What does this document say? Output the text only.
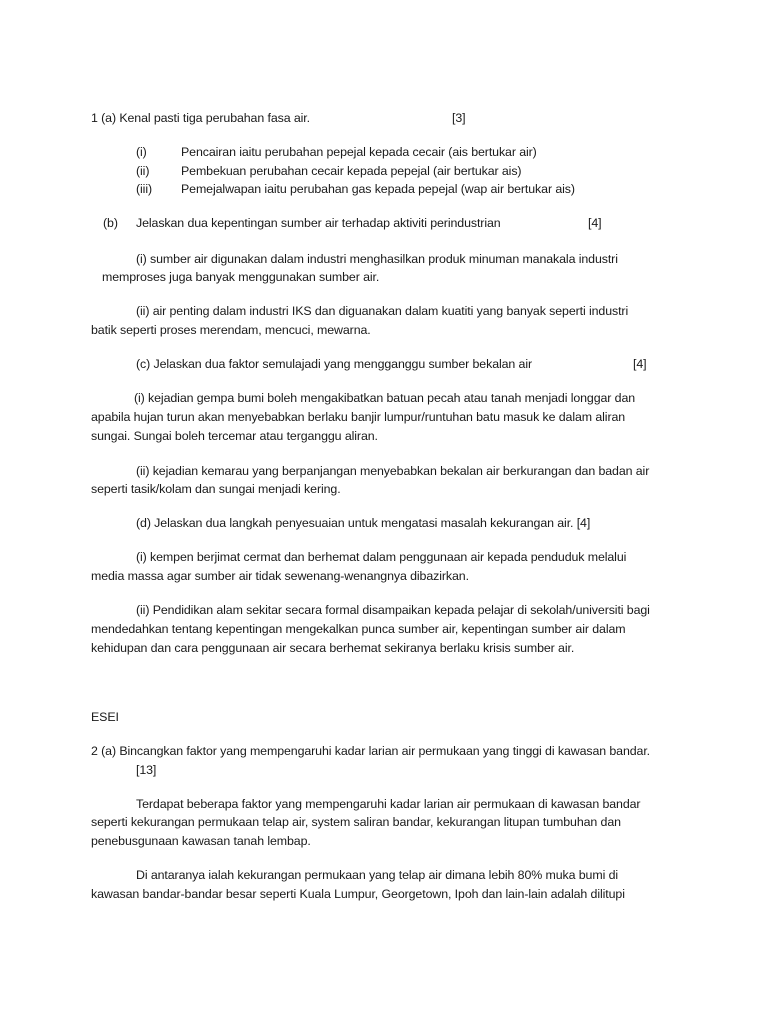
1 (a) Kenal pasti tiga perubahan fasa air.	[3]
(i)	Pencairan iaitu perubahan pepejal kepada cecair (ais bertukar air)
(ii)	Pembekuan perubahan cecair kepada pepejal (air bertukar ais)
(iii) Pemejalwapan iaitu perubahan gas kepada pepejal (wap air bertukar ais)
(b) Jelaskan dua kepentingan sumber air terhadap aktiviti perindustrian	[4]
(i) sumber air digunakan dalam industri menghasilkan produk minuman manakala industri
memproses juga banyak menggunakan sumber air.
(ii) air penting dalam industri IKS dan diguanakan dalam kuatiti yang banyak seperti industri
batik seperti proses merendam, mencuci, mewarna.
(c) Jelaskan dua faktor semulajadi yang mengganggu sumber bekalan air	[4]
(i) kejadian gempa bumi boleh mengakibatkan batuan pecah atau tanah menjadi longgar dan
apabila hujan turun akan menyebabkan berlaku banjir lumpur/runtuhan batu masuk ke dalam aliran
sungai. Sungai boleh tercemar atau terganggu aliran.
(ii) kejadian kemarau yang berpanjangan menyebabkan bekalan air berkurangan dan badan air
seperti tasik/kolam dan sungai menjadi kering.
(d) Jelaskan dua langkah penyesuaian untuk mengatasi masalah kekurangan air. [4]
(i) kempen berjimat cermat dan berhemat dalam penggunaan air kepada penduduk melalui
media massa agar sumber air tidak sewenang-wenangnya dibazirkan.
(ii) Pendidikan alam sekitar secara formal disampaikan kepada pelajar di sekolah/universiti bagi
mendedahkan tentang kepentingan mengekalkan punca sumber air, kepentingan sumber air dalam
kehidupan dan cara penggunaan air secara berhemat sekiranya berlaku krisis sumber air.
ESEI
2 (a) Bincangkan faktor yang mempengaruhi kadar larian air permukaan yang tinggi di kawasan bandar.
[13]
Terdapat beberapa faktor yang mempengaruhi kadar larian air permukaan di kawasan bandar
seperti kekurangan permukaan telap air, system saliran bandar, kekurangan litupan tumbuhan dan
penebusgunaan kawasan tanah lembap.
Di antaranya ialah kekurangan permukaan yang telap air dimana lebih 80% muka bumi di
kawasan bandar-bandar besar seperti Kuala Lumpur, Georgetown, Ipoh dan lain-lain adalah dilitupi
